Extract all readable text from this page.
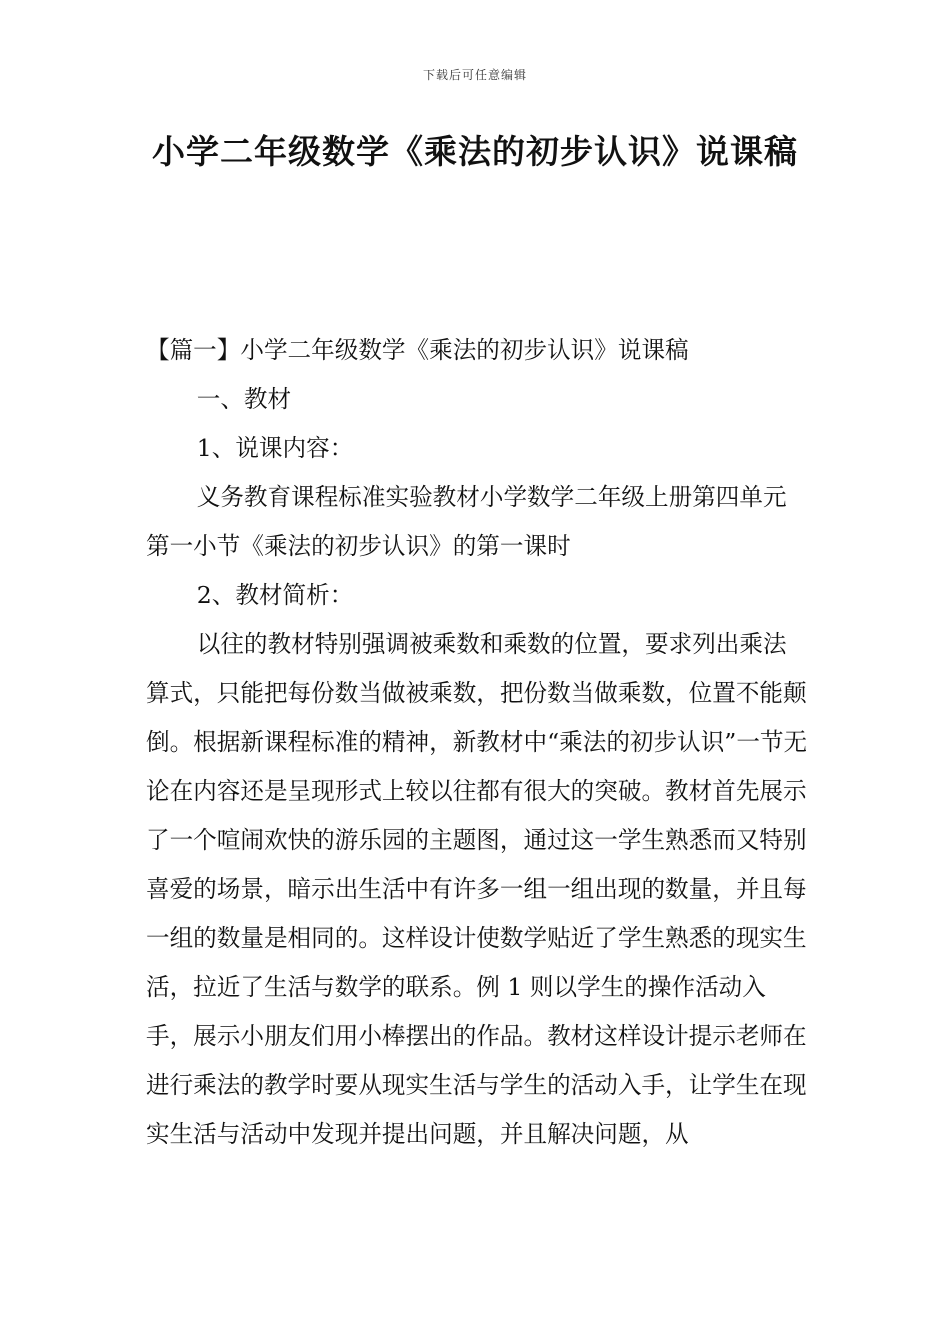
下载后可任意编辑
小学二年级数学《乘法的初步认识》说课稿

【篇一】小学二年级数学《乘法的初步认识》说课稿

一、教材

1、说课内容：

义务教育课程标准实验教材小学数学二年级上册第四单元第一小节《乘法的初步认识》的第一课时

2、教材简析：

以往的教材特别强调被乘数和乘数的位置，要求列出乘法算式，只能把每份数当做被乘数，把份数当做乘数，位置不能颠倒。根据新课程标准的精神，新教材中“乘法的初步认识”一节无论在内容还是呈现形式上较以往都有很大的突破。教材首先展示了一个喧闹欢快的游乐园的主题图，通过这一学生熟悉而又特别喜爱的场景，暗示出生活中有许多一组一组出现的数量，并且每一组的数量是相同的。这样设计使数学贴近了学生熟悉的现实生活，拉近了生活与数学的联系。例 1 则以学生的操作活动入手，展示小朋友们用小棒摆出的作品。教材这样设计提示老师在进行乘法的教学时要从现实生活与学生的活动入手，让学生在现实生活与活动中发现并提出问题，并且解决问题，从
